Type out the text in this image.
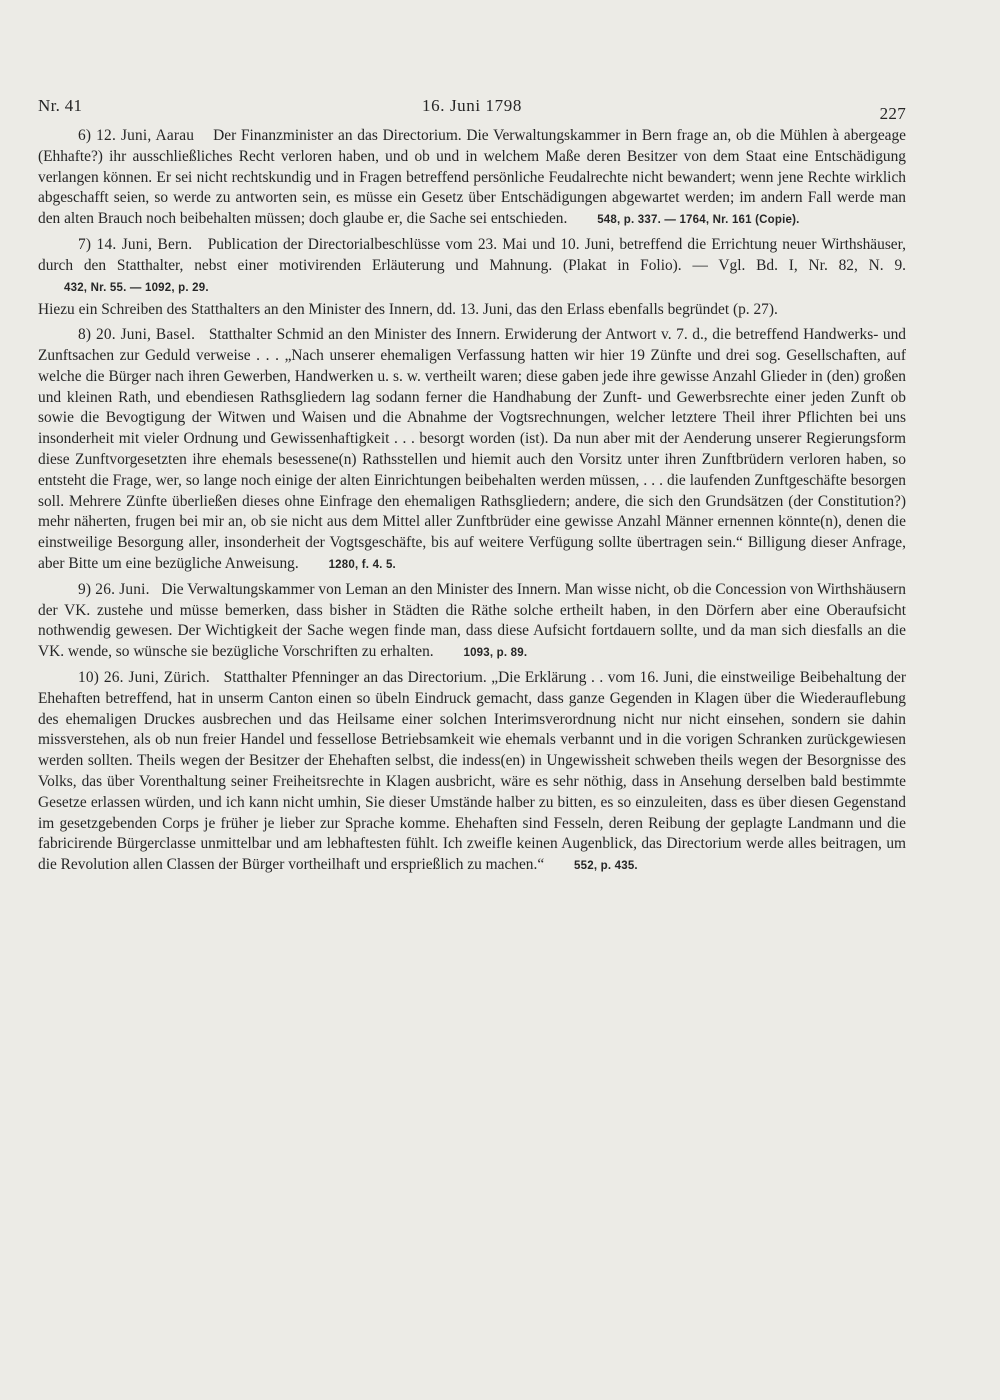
Nr. 41	16. Juni 1798	227

6) 12. Juni, Aarau Der Finanzminister an das Directorium. Die Verwaltungskammer in Bern frage an, ob die Mühlen à abergeage (Ehhafte?) ihr ausschließliches Recht verloren haben, und ob und in welchem Maße deren Besitzer von dem Staat eine Entschädigung verlangen können. Er sei nicht rechtskundig und in Fragen betreffend persönliche Feudalrechte nicht bewandert; wenn jene Rechte wirklich abgeschafft seien, so werde zu antworten sein, es müsse ein Gesetz über Entschädigungen abgewartet werden; im andern Fall werde man den alten Brauch noch beibehalten müssen; doch glaube er, die Sache sei entschieden.	548, p. 337. — 1764, Nr. 161 (Copie).

7) 14. Juni, Bern. Publication der Directorialbeschlüsse vom 23. Mai und 10. Juni, betreffend die Errichtung neuer Wirthshäuser, durch den Statthalter, nebst einer motivirenden Erläuterung und Mahnung. (Plakat in Folio). — Vgl. Bd. I, Nr. 82, N. 9. 432, Nr. 55. — 1092, p. 29.

Hiezu ein Schreiben des Statthalters an den Minister des Innern, dd. 13. Juni, das den Erlass ebenfalls begründet (p. 27).

8) 20. Juni, Basel. Statthalter Schmid an den Minister des Innern. Erwiderung der Antwort v. 7. d., die betreffend Handwerks- und Zunftsachen zur Geduld verweise . . . „Nach unserer ehemaligen Verfassung hatten wir hier 19 Zünfte und drei sog. Gesellschaften, auf welche die Bürger nach ihren Gewerben, Handwerken u. s. w. vertheilt waren; diese gaben jede ihre gewisse Anzahl Glieder in (den) großen und kleinen Rath, und ebendiesen Rathsgliedern lag sodann ferner die Handhabung der Zunft- und Gewerbsrechte einer jeden Zunft ob sowie die Bevogtigung der Witwen und Waisen und die Abnahme der Vogtsrechnungen, welcher letztere Theil ihrer Pflichten bei uns insonderheit mit vieler Ordnung und Gewissenhaftigkeit . . . besorgt worden (ist). Da nun aber mit der Aenderung unserer Regierungsform diese Zunftvorgesetzten ihre ehemals besessene(n) Rathsstellen und hiemit auch den Vorsitz unter ihren Zunftbrüdern verloren haben, so entsteht die Frage, wer, so lange noch einige der alten Einrichtungen beibehalten werden müssen, . . . die laufenden Zunftgeschäfte besorgen soll. Mehrere Zünfte überließen dieses ohne Einfrage den ehemaligen Rathsgliedern; andere, die sich den Grundsätzen (der Constitution?) mehr näherten, frugen bei mir an, ob sie nicht aus dem Mittel aller Zunftbrüder eine gewisse Anzahl Männer ernennen könnte(n), denen die einstweilige Besorgung aller, insonderheit der Vogtsgeschäfte, bis auf weitere Verfügung sollte übertragen sein.“ Billigung dieser Anfrage, aber Bitte um eine bezügliche Anweisung.	1280, f. 4. 5.

9) 26. Juni. Die Verwaltungskammer von Leman an den Minister des Innern. Man wisse nicht, ob die Concession von Wirthshäusern der VK. zustehe und müsse bemerken, dass bisher in Städten die Räthe solche ertheilt haben, in den Dörfern aber eine Oberaufsicht nothwendig gewesen. Der Wichtigkeit der Sache wegen finde man, dass diese Aufsicht fortdauern sollte, und da man sich diesfalls an die VK. wende, so wünsche sie bezügliche Vorschriften zu erhalten.	1093, p. 89.

10) 26. Juni, Zürich. Statthalter Pfenninger an das Directorium. „Die Erklärung . . vom 16. Juni, die einstweilige Beibehaltung der Ehehaften betreffend, hat in unserm Canton einen so übeln Eindruck gemacht, dass ganze Gegenden in Klagen über die Wiederauflebung des ehemaligen Druckes ausbrechen und das Heilsame einer solchen Interimsverordnung nicht nur nicht einsehen, sondern sie dahin missverstehen, als ob nun freier Handel und fessellose Betriebsamkeit wie ehemals verbannt und in die vorigen Schranken zurückgewiesen werden sollten. Theils wegen der Besitzer der Ehehaften selbst, die indess(en) in Ungewissheit schweben theils wegen der Besorgnisse des Volks, das über Vorenthaltung seiner Freiheitsrechte in Klagen ausbricht, wäre es sehr nöthig, dass in Ansehung derselben bald bestimmte Gesetze erlassen würden, und ich kann nicht umhin, Sie dieser Umstände halber zu bitten, es so einzuleiten, dass es über diesen Gegenstand im gesetzgebenden Corps je früher je lieber zur Sprache komme. Ehehaften sind Fesseln, deren Reibung der geplagte Landmann und die fabricirende Bürgerclasse unmittelbar und am lebhaftesten fühlt. Ich zweifle keinen Augenblick, das Directorium werde alles beitragen, um die Revolution allen Classen der Bürger vortheilhaft und ersprießlich zu machen.“	552, p. 435.
